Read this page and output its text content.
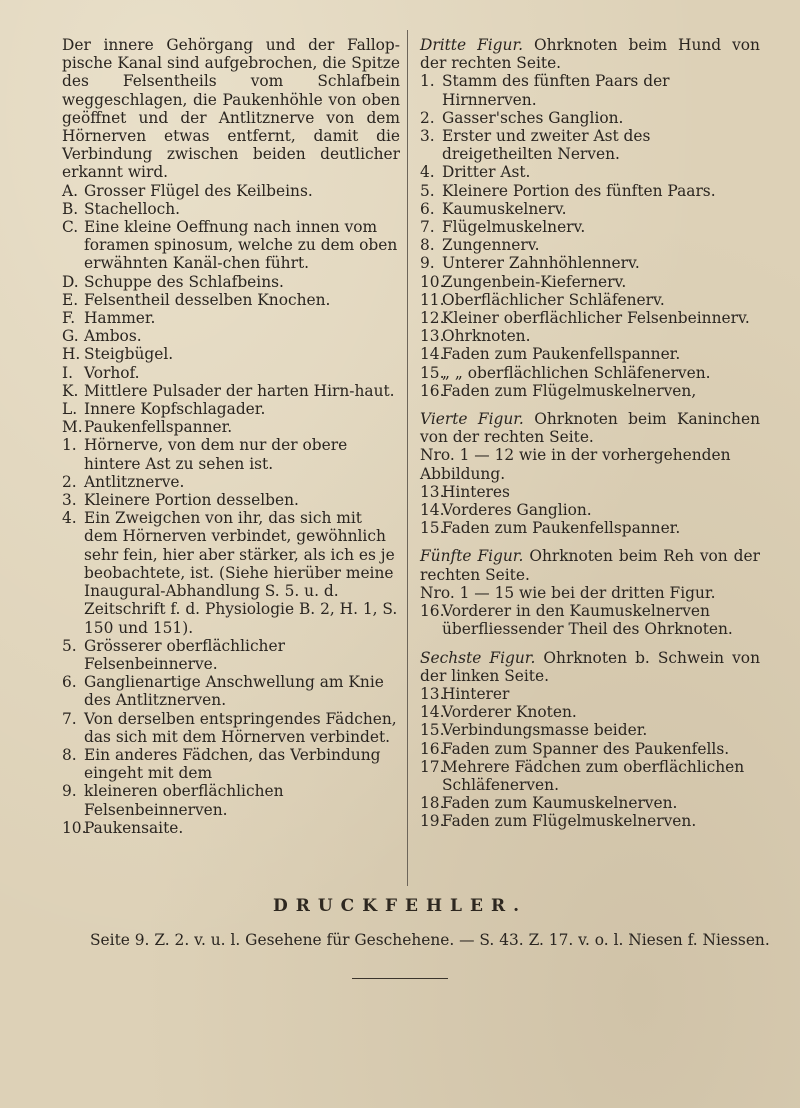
Der innere Gehörgang und der Fallop-pische Kanal sind aufgebrochen, die Spitze des Felsentheils vom Schlafbein weggeschlagen, die Paukenhöhle von oben geöffnet und der Antlitznerve von dem Hörnerven etwas entfernt, damit die Verbindung zwischen beiden deutlicher erkannt wird.

A. Grosser Flügel des Keilbeins.

B. Stachelloch.

C. Eine kleine Oeffnung nach innen vom foramen spinosum, welche zu dem oben erwähnten Kanäl-chen führt.

D. Schuppe des Schlafbeins.

E. Felsentheil desselben Knochen.

F. Hammer.

G. Ambos.

H. Steigbügel.

I. Vorhof.

K. Mittlere Pulsader der harten Hirn-haut.

L. Innere Kopfschlagader.

M. Paukenfellspanner.

1. Hörnerve, von dem nur der obere hintere Ast zu sehen ist.

2. Antlitznerve.

3. Kleinere Portion desselben.

4. Ein Zweigchen von ihr, das sich mit dem Hörnerven verbindet, gewöhnlich sehr fein, hier aber stärker, als ich es je beobachtete, ist. (Siehe hierüber meine Inaugural-Abhandlung S. 5. u. d. Zeitschrift f. d. Physiologie B. 2, H. 1, S. 150 und 151).

5. Grösserer oberflächlicher Felsenbeinnerve.

6. Ganglienartige Anschwellung am Knie des Antlitznerven.

7. Von derselben entspringendes Fädchen, das sich mit dem Hörnerven verbindet.

8. Ein anderes Fädchen, das Verbindung eingeht mit dem

9. kleineren oberflächlichen Felsenbeinnerven.

10.
Paukensaite.

Dritte Figur. Ohrknoten beim Hund von der rechten Seite.

1. Stamm des fünften Paars der Hirnnerven.

2. Gasser'sches Ganglion.

3. Erster und zweiter Ast des dreigetheilten Nerven.

4. Dritter Ast.

5. Kleinere Portion des fünften Paars.

6. Kaumuskelnerv.

7. Flügelmuskelnerv.

8. Zungennerv.

9. Unterer Zahnhöhlennerv.

10.
Zungenbein-Kiefernerv.

11.
Oberflächlicher Schläfenerv.

12.
Kleiner oberflächlicher Felsenbeinnerv.

13.
Ohrknoten.

14.
Faden zum Paukenfellspanner.

15.
„ „ oberflächlichen Schläfenerven.

16.
Faden zum Flügelmuskelnerven,

Vierte Figur. Ohrknoten beim Kaninchen von der rechten Seite.

Nro. 1 — 12 wie in der vorhergehenden Abbildung.

13.
Hinteres

14.
Vorderes Ganglion.

15.
Faden zum Paukenfellspanner.

Fünfte Figur. Ohrknoten beim Reh von der rechten Seite.

Nro. 1 — 15 wie bei der dritten Figur.

16.
Vorderer in den Kaumuskelnerven überfliessender Theil des Ohrknoten.

Sechste Figur. Ohrknoten b. Schwein von der linken Seite.

13.
Hinterer

14.
Vorderer Knoten.

15.
Verbindungsmasse beider.

16.
Faden zum Spanner des Paukenfells.

17.
Mehrere Fädchen zum oberflächlichen Schläfenerven.

18.
Faden zum Kaumuskelnerven.

19.
Faden zum Flügelmuskelnerven.

DRUCKFEHLER.
Seite 9. Z. 2. v. u. l. Gesehene für Geschehene. — S. 43. Z. 17. v. o. l. Niesen f. Niessen.
